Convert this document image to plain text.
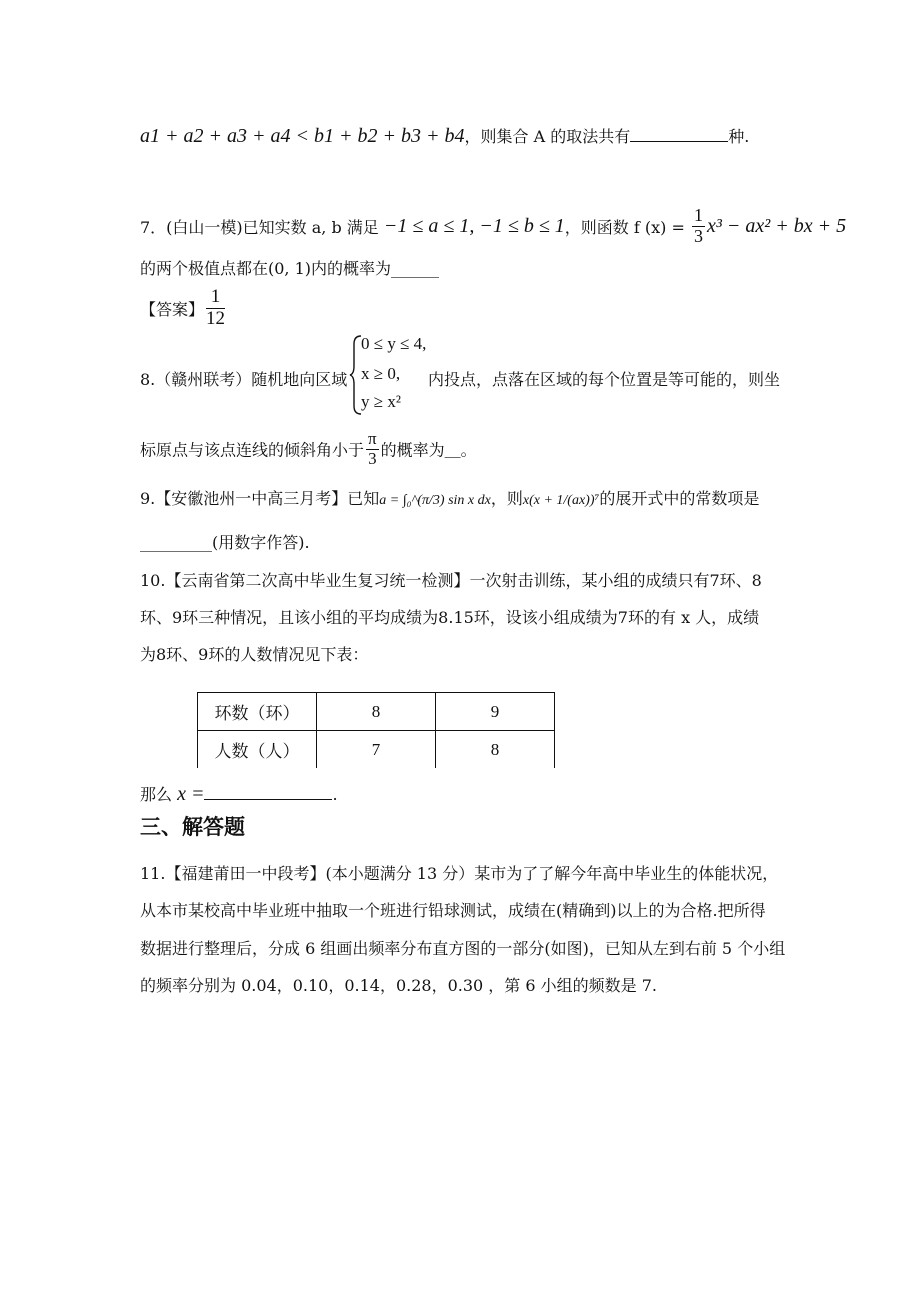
a1 + a2 + a3 + a4 < b1 + b2 + b3 + b4，则集合 A 的取法共有	种.
7．(白山一模)已知实数 a, b 满足 −1 ≤ a ≤ 1, −1 ≤ b ≤ 1，则函数 f $(x) = \frac{1}{3} x^3 - ax^2$ + bx + 5
的两个极值点都在(0, 1)内的概率为______
【答案】 $\frac{1}{12}$
8.（赣州联考）随机地向区域
0 ≤ y ≤ 4,
x ≥ 0,
y ≥ x²
内投点，点落在区域的每个位置是等可能的，则坐
标原点与该点连线的倾斜角小于 $\frac{\pi}{3}$ 的概率为＿。
9.【安徽池州一中高三月考】已知a = ∫₀^(π/3) sin x dx，则x(x + 1/(ax))⁷的展开式中的常数项是
_________(用数字作答).
10.【云南省第二次高中毕业生复习统一检测】一次射击训练，某小组的成绩只有7环、8
环、9环三种情况，且该小组的平均成绩为8.15环，设该小组成绩为7环的有 x 人，成绩
为8环、9环的人数情况见下表：
环数（环）	8	9
人数（人）	7	8
那么 x =	.
三、解答题
11.【福建莆田一中段考】(本小题满分 13 分）某市为了了解今年高中毕业生的体能状况，
从本市某校高中毕业班中抽取一个班进行铅球测试，成绩在(精确到)以上的为合格.把所得
数据进行整理后，分成 6 组画出频率分布直方图的一部分(如图)，已知从左到右前 5 个小组
的频率分别为 0.04，0.10，0.14，0.28，0.30 ，第 6 小组的频数是 7.
